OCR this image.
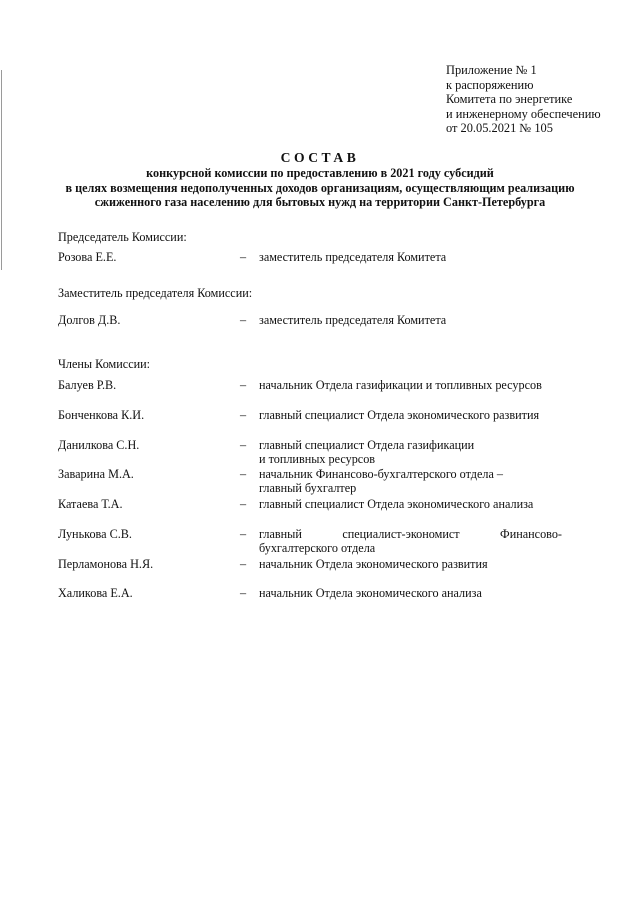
Приложение № 1
к распоряжению
Комитета по энергетике
и инженерному обеспечению
от 20.05.2021 № 105
СОСТАВ
конкурсной комиссии по предоставлению в 2021 году субсидий
в целях возмещения недополученных доходов организациям, осуществляющим реализацию
сжиженного газа населению для бытовых нужд на территории Санкт-Петербурга
Председатель Комиссии:
Розова Е.Е.	– заместитель председателя Комитета
Заместитель председателя Комиссии:
Долгов Д.В.	– заместитель председателя Комитета
Члены Комиссии:
Балуев Р.В.	– начальник Отдела газификации и топливных ресурсов
Бонченкова К.И.	– главный специалист Отдела экономического развития
Данилкова С.Н.	– главный специалист Отдела газификации
и топливных ресурсов
Заварина М.А.	– начальник Финансово-бухгалтерского отдела –
главный бухгалтер
Катаева Т.А.	– главный специалист Отдела экономического анализа
Лунькова С.В.	– главный специалист-экономист Финансово-
бухгалтерского отдела
Перламонова Н.Я.	– начальник Отдела экономического развития
Халикова Е.А.	– начальник Отдела экономического анализа
